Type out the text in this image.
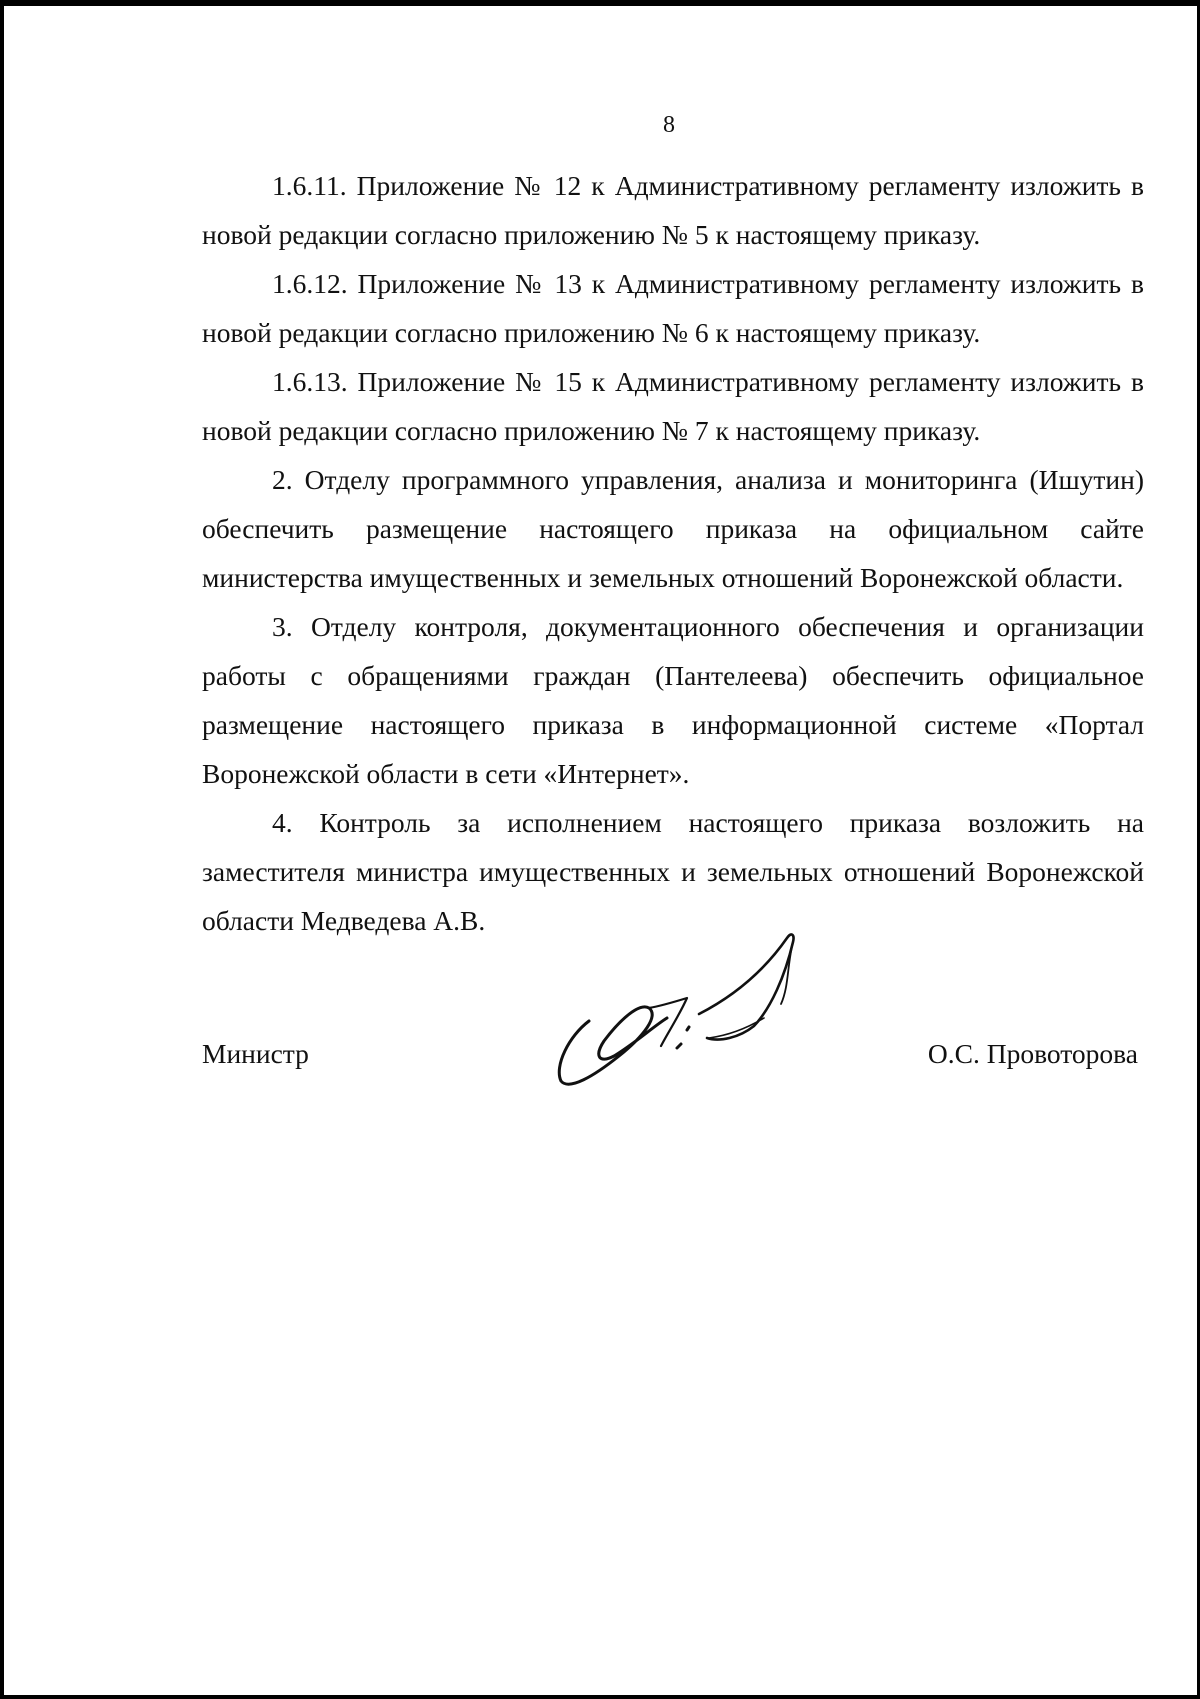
8

1.6.11. Приложение № 12 к Административному регламенту изложить в новой редакции согласно приложению № 5 к настоящему приказу.

1.6.12. Приложение № 13 к Административному регламенту изложить в новой редакции согласно приложению № 6 к настоящему приказу.

1.6.13. Приложение № 15 к Административному регламенту изложить в новой редакции согласно приложению № 7 к настоящему приказу.

2. Отделу программного управления, анализа и мониторинга (Ишутин) обеспечить размещение настоящего приказа на официальном сайте министерства имущественных и земельных отношений Воронежской области.

3. Отделу контроля, документационного обеспечения и организации работы с обращениями граждан (Пантелеева) обеспечить официальное размещение настоящего приказа в информационной системе «Портал Воронежской области в сети «Интернет».

4. Контроль за исполнением настоящего приказа возложить на заместителя министра имущественных и земельных отношений Воронежской области Медведева А.В.

Министр	О.С. Провоторова
